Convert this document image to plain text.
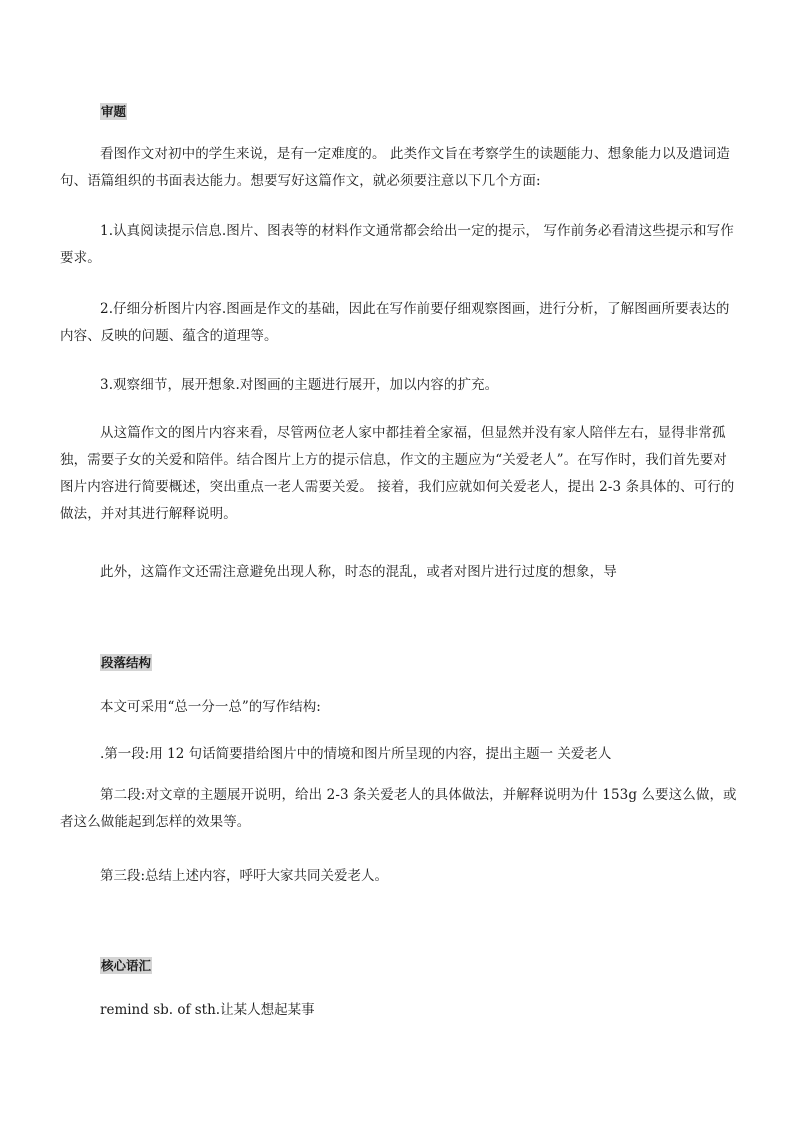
审题

看图作文对初中的学生来说，是有一定难度的。 此类作文旨在考察学生的读题能力、想象能力以及遣词造句、语篇组织的书面表达能力。想要写好这篇作文，就必须要注意以下几个方面:

1.认真阅读提示信息.图片、图表等的材料作文通常都会给出一定的提示， 写作前务必看清这些提示和写作要求。

2.仔细分析图片内容.图画是作文的基础，因此在写作前要仔细观察图画，进行分析，了解图画所要表达的内容、反映的问题、蕴含的道理等。

3.观察细节，展开想象.对图画的主题进行展开，加以内容的扩充。

从这篇作文的图片内容来看，尽管两位老人家中都挂着全家福，但显然并没有家人陪伴左右，显得非常孤独，需要子女的关爱和陪伴。结合图片上方的提示信息，作文的主题应为“关爱老人”。在写作时，我们首先要对图片内容进行简要概述，突出重点一老人需要关爱。 接着，我们应就如何关爱老人，提出 2-3 条具体的、可行的做法，并对其进行解释说明。

此外，这篇作文还需注意避免出现人称，时态的混乱，或者对图片进行过度的想象，导

段落结构
本文可采用“总一分一总”的写作结构:
.第一段:用 12 句话简要措给图片中的情境和图片所呈现的内容，提出主题一 关爱老人

第二段:对文章的主题展开说明，给出 2-3 条关爱老人的具体做法，并解释说明为什 153g 么要这么做，或者这么做能起到怎样的效果等。

第三段:总结上述内容，呼吁大家共同关爱老人。
核心语汇
remind sb. of sth.让某人想起某事
